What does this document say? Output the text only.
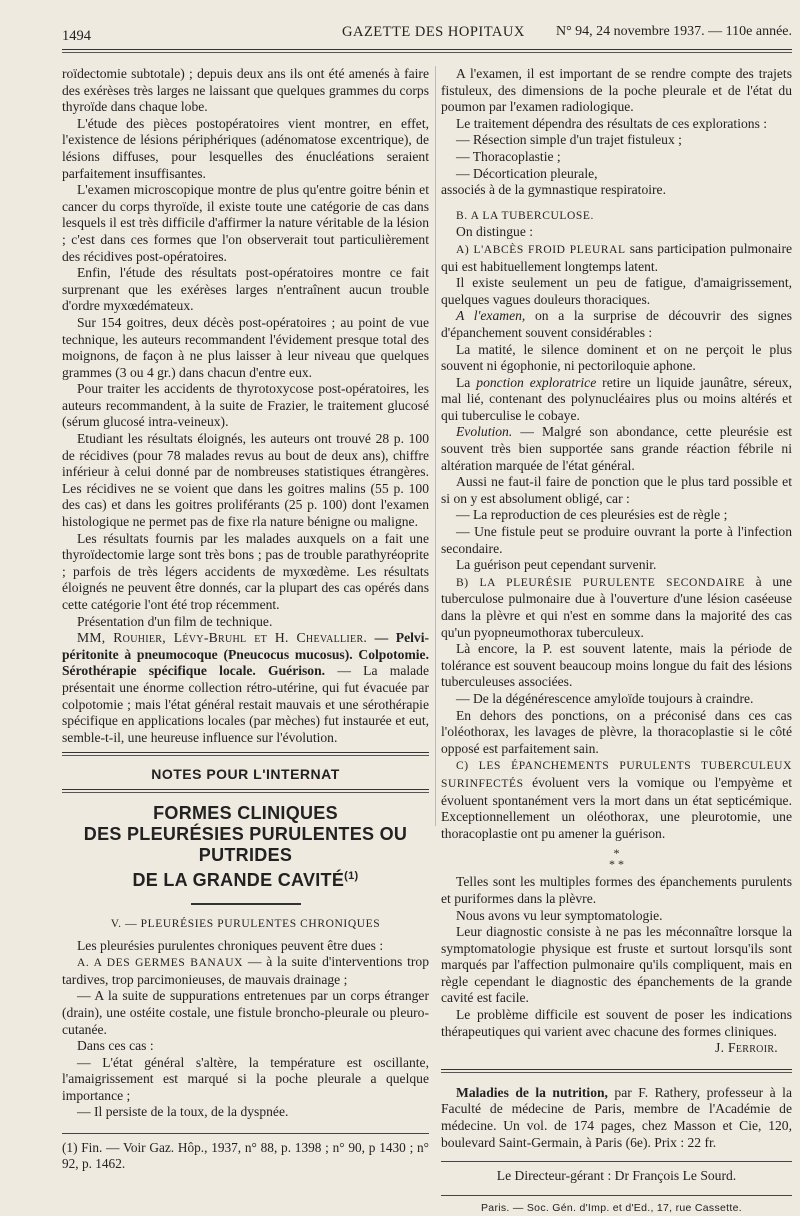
1494	GAZETTE DES HOPITAUX N° 94, 24 novembre 1937. — 110e année.

roïdectomie subtotale) ; depuis deux ans ils ont été amenés à faire des exérèses très larges ne laissant que quelques grammes du corps thyroïde dans chaque lobe.

L'étude des pièces postopératoires vient montrer, en effet, l'existence de lésions périphériques (adénomatose excentrique), de lésions diffuses, pour lesquelles des énucléations seraient parfaitement insuffisantes.

L'examen microscopique montre de plus qu'entre goitre bénin et cancer du corps thyroïde, il existe toute une catégorie de cas dans lesquels il est très difficile d'affirmer la nature véritable de la lésion ; c'est dans ces formes que l'on observerait tout particulièrement des récidives post-opératoires.

Enfin, l'étude des résultats post-opératoires montre ce fait surprenant que les exérèses larges n'entraînent aucun trouble d'ordre myxœdémateux.

Sur 154 goitres, deux décès post-opératoires ; au point de vue technique, les auteurs recommandent l'évidement presque total des moignons, de façon à ne plus laisser à leur niveau que quelques grammes (3 ou 4 gr.) dans chacun d'entre eux.

Pour traiter les accidents de thyrotoxycose post-opératoires, les auteurs recommandent, à la suite de Frazier, le traitement glucosé (sérum glucosé intra-veineux).

Etudiant les résultats éloignés, les auteurs ont trouvé 28 p. 100 de récidives (pour 78 malades revus au bout de deux ans), chiffre inférieur à celui donné par de nombreuses statistiques étrangères. Les récidives ne se voient que dans les goitres malins (55 p. 100 des cas) et dans les goitres proliférants (25 p. 100) dont l'examen histologique ne permet pas de fixe rla nature bénigne ou maligne.

Les résultats fournis par les malades auxquels on a fait une thyroïdectomie large sont très bons ; pas de trouble parathyréoprite ; parfois de très légers accidents de myxœdème. Les résultats éloignés ne peuvent être donnés, car la plupart des cas opérés dans cette catégorie l'ont été trop récemment.

Présentation d'un film de technique.

MM, Rouhier, Lévy-Bruhl et H. Chevallier. — Pelvi-péritonite à pneumocoque (Pneucocus mucosus). Colpotomie. Sérothérapie spécifique locale. Guérison. — La malade présentait une énorme collection rétro-utérine, qui fut évacuée par colpotomie ; mais l'état général restait mauvais et une sérothérapie spécifique en applications locales (par mèches) fut instaurée et eut, semble-t-il, une heureuse influence sur l'évolution.

NOTES POUR L'INTERNAT
FORMES CLINIQUES
DES PLEURÉSIES PURULENTES OU PUTRIDES
DE LA GRANDE CAVITÉ$^{(1)}$

V. — PLEURÉSIES PURULENTES CHRONIQUES

Les pleurésies purulentes chroniques peuvent être dues :

A. A DES GERMES BANAUX — à la suite d'interventions trop tardives, trop parcimonieuses, de mauvais drainage ;

— A la suite de suppurations entretenues par un corps étranger (drain), une ostéite costale, une fistule broncho-pleurale ou pleuro-cutanée.

Dans ces cas :

— L'état général s'altère, la température est oscillante, l'amaigrissement est marqué si la poche pleurale a quelque importance ;

— Il persiste de la toux, de la dyspnée.

(1) Fin. — Voir Gaz. Hôp., 1937, n° 88, p. 1398 ; n° 90, p 1430 ; n° 92, p. 1462.

A l'examen, il est important de se rendre compte des trajets fistuleux, des dimensions de la poche pleurale et de l'état du poumon par l'examen radiologique.

Le traitement dépendra des résultats de ces explorations :

— Résection simple d'un trajet fistuleux ;

— Thoracoplastie ;

— Décortication pleurale,

associés à de la gymnastique respiratoire.

B. A LA TUBERCULOSE.

On distingue :

A) L'ABCÈS FROID PLEURAL sans participation pulmonaire qui est habituellement longtemps latent.

Il existe seulement un peu de fatigue, d'amaigrissement, quelques vagues douleurs thoraciques.

A l'examen, on a la surprise de découvrir des signes d'épanchement souvent considérables :

La matité, le silence dominent et on ne perçoit le plus souvent ni égophonie, ni pectoriloquie aphone.

La ponction exploratrice retire un liquide jaunâtre, séreux, mal lié, contenant des polynucléaires plus ou moins altérés et qui tuberculise le cobaye.

Evolution. — Malgré son abondance, cette pleurésie est souvent très bien supportée sans grande réaction fébrile ni altération marquée de l'état général.

Aussi ne faut-il faire de ponction que le plus tard possible et si on y est absolument obligé, car :

— La reproduction de ces pleurésies est de règle ;

— Une fistule peut se produire ouvrant la porte à l'infection secondaire.

La guérison peut cependant survenir.

B) LA PLEURÉSIE PURULENTE SECONDAIRE à une tuberculose pulmonaire due à l'ouverture d'une lésion caséeuse dans la plèvre et qui n'est en somme dans la majorité des cas qu'un pyopneumothorax tuberculeux.

Là encore, la P. est souvent latente, mais la période de tolérance est souvent beaucoup moins longue du fait des lésions tuberculeuses associées.

— De la dégénérescence amyloïde toujours à craindre.

En dehors des ponctions, on a préconisé dans ces cas l'oléothorax, les lavages de plèvre, la thoracoplastie si le côté opposé est parfaitement sain.

C) LES ÉPANCHEMENTS PURULENTS TUBERCULEUX SURINFECTÉS évoluent vers la vomique ou l'empyème et évoluent spontanément vers la mort dans un état septicémique. Exceptionnellement un oléothorax, une pleurotomie, une thoracoplastie ont pu amener la guérison.

*
* *

Telles sont les multiples formes des épanchements purulents et puriformes dans la plèvre.

Nous avons vu leur symptomatologie.

Leur diagnostic consiste à ne pas les méconnaître lorsque la symptomatologie physique est fruste et surtout lorsqu'ils sont marqués par l'affection pulmonaire qu'ils compliquent, mais en règle cependant le diagnostic des épanchements de la grande cavité est facile.

Le problème difficile est souvent de poser les indications thérapeutiques qui varient avec chacune des formes cliniques.

J. Ferroir.

Maladies de la nutrition, par F. Rathery, professeur à la Faculté de médecine de Paris, membre de l'Académie de médecine. Un vol. de 174 pages, chez Masson et Cie, 120, boulevard Saint-Germain, à Paris (6e). Prix : 22 fr.

Le Directeur-gérant : Dr François Le Sourd.

Paris. — Soc. Gén. d'Imp. et d'Ed., 17, rue Cassette.
